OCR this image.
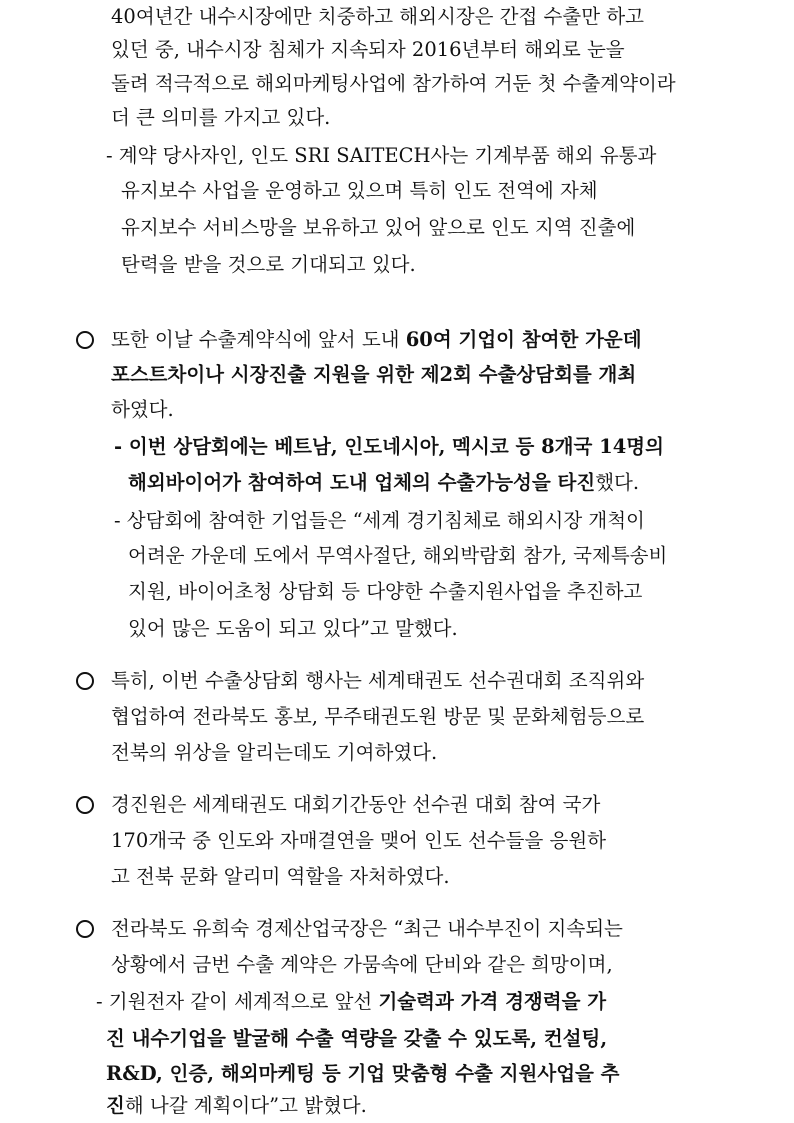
40여년간 내수시장에만 치중하고 해외시장은 간접 수출만 하고
있던 중, 내수시장 침체가 지속되자 2016년부터 해외로 눈을
돌려 적극적으로 해외마케팅사업에 참가하여 거둔 첫 수출계약이라
더 큰 의미를 가지고 있다.
- 계약 당사자인, 인도 SRI SAITECH사는 기계부품 해외 유통과
유지보수 사업을 운영하고 있으며 특히 인도 전역에 자체
유지보수 서비스망을 보유하고 있어 앞으로 인도 지역 진출에
탄력을 받을 것으로 기대되고 있다.
또한 이날 수출계약식에 앞서 도내 60여 기업이 참여한 가운데
포스트차이나 시장진출 지원을 위한 제2회 수출상담회를 개최
하였다.
- 이번 상담회에는 베트남, 인도네시아, 멕시코 등 8개국 14명의
해외바이어가 참여하여 도내 업체의 수출가능성을 타진했다.
- 상담회에 참여한 기업들은 “세계 경기침체로 해외시장 개척이
어려운 가운데 도에서 무역사절단, 해외박람회 참가, 국제특송비
지원, 바이어초청 상담회 등 다양한 수출지원사업을 추진하고
있어 많은 도움이 되고 있다”고 말했다.
특히, 이번 수출상담회 행사는 세계태권도 선수권대회 조직위와
협업하여 전라북도 홍보, 무주태권도원 방문 및 문화체험등으로
전북의 위상을 알리는데도 기여하였다.
경진원은 세계태권도 대회기간동안 선수권 대회 참여 국가
170개국 중 인도와 자매결연을 맺어 인도 선수들을 응원하
고 전북 문화 알리미 역할을 자처하였다.
전라북도 유희숙 경제산업국장은 “최근 내수부진이 지속되는
상황에서 금번 수출 계약은 가뭄속에 단비와 같은 희망이며,
- 기원전자 같이 세계적으로 앞선 기술력과 가격 경쟁력을 가
진 내수기업을 발굴해 수출 역량을 갖출 수 있도록, 컨설팅,
R&D, 인증, 해외마케팅 등 기업 맞춤형 수출 지원사업을 추
진해 나갈 계획이다”고 밝혔다.
